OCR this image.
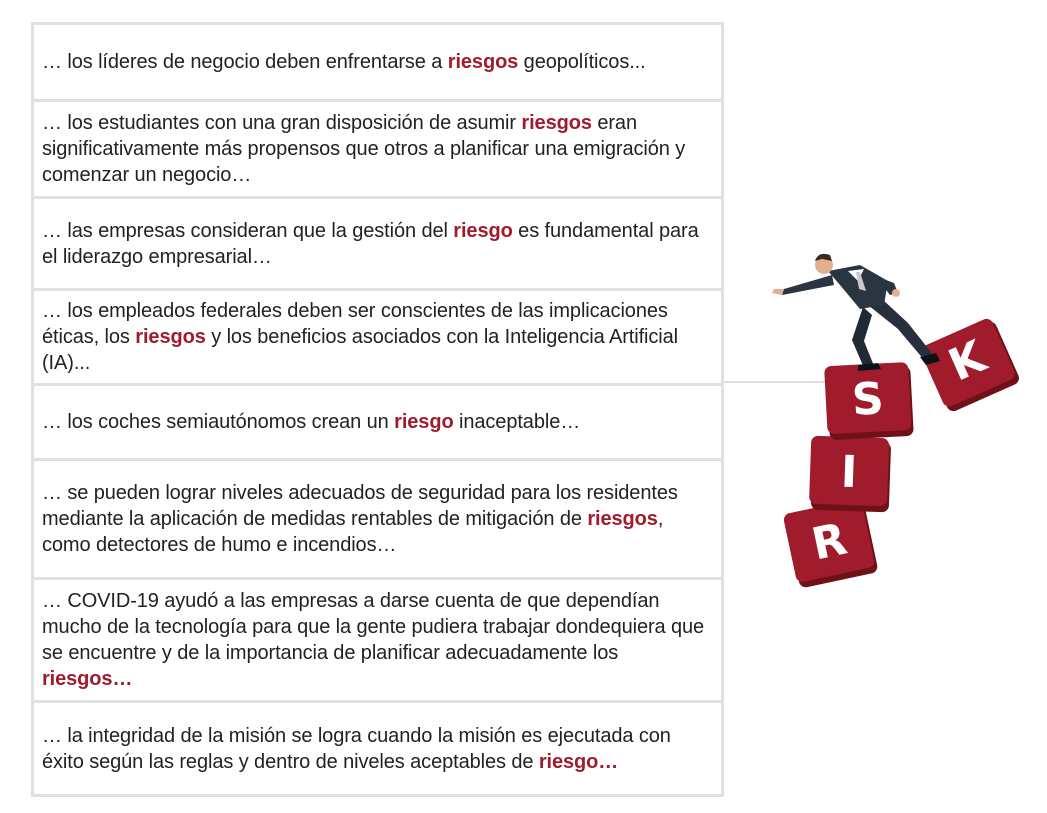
… los líderes de negocio deben enfrentarse a riesgos geopolíticos...

… los estudiantes con una gran disposición de asumir riesgos eran significativamente más propensos que otros a planificar una emigración y comenzar un negocio…

… las empresas consideran que la gestión del riesgo es fundamental para el liderazgo empresarial…

… los empleados federales deben ser conscientes de las implicaciones éticas, los riesgos y los beneficios asociados con la Inteligencia Artificial (IA)...

… los coches semiautónomos crean un riesgo inaceptable…

… se pueden lograr niveles adecuados de seguridad para los residentes mediante la aplicación de medidas rentables de mitigación de riesgos, como detectores de humo e incendios…

… COVID-19 ayudó a las empresas a darse cuenta de que dependían mucho de la tecnología para que la gente pudiera trabajar dondequiera que se encuentre y de la importancia de planificar adecuadamente los riesgos…

… la integridad de la misión se logra cuando la misión es ejecutada con éxito según las reglas y dentro de niveles aceptables de riesgo…

R
I
S
K
